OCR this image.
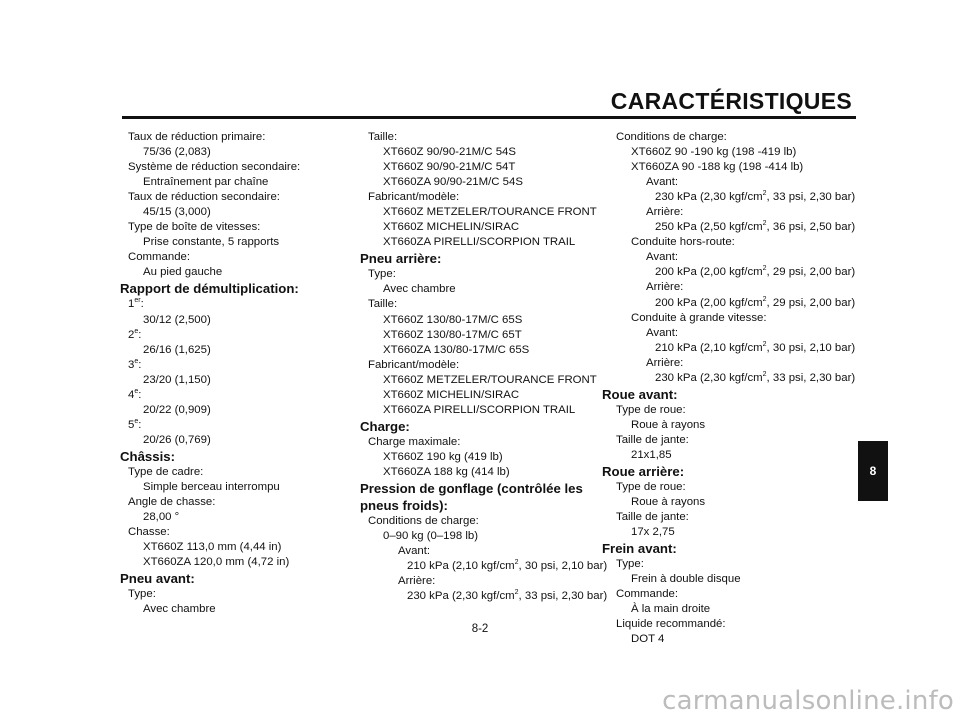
CARACTÉRISTIQUES
Taux de réduction primaire:
75/36 (2,083)
Système de réduction secondaire:
Entraînement par chaîne
Taux de réduction secondaire:
45/15 (3,000)
Type de boîte de vitesses:
Prise constante, 5 rapports
Commande:
Au pied gauche
Rapport de démultiplication:
1er:
30/12 (2,500)
2e:
26/16 (1,625)
3e:
23/20 (1,150)
4e:
20/22 (0,909)
5e:
20/26 (0,769)
Châssis:
Type de cadre:
Simple berceau interrompu
Angle de chasse:
28,00 °
Chasse:
XT660Z 113,0 mm (4,44 in)
XT660ZA 120,0 mm (4,72 in)
Pneu avant:
Type:
Avec chambre
Taille:
XT660Z 90/90-21M/C 54S
XT660Z 90/90-21M/C 54T
XT660ZA 90/90-21M/C 54S
Fabricant/modèle:
XT660Z METZELER/TOURANCE FRONT
XT660Z MICHELIN/SIRAC
XT660ZA PIRELLI/SCORPION TRAIL
Pneu arrière:
Type:
Avec chambre
Taille:
XT660Z 130/80-17M/C 65S
XT660Z 130/80-17M/C 65T
XT660ZA 130/80-17M/C 65S
Fabricant/modèle:
XT660Z METZELER/TOURANCE FRONT
XT660Z MICHELIN/SIRAC
XT660ZA PIRELLI/SCORPION TRAIL
Charge:
Charge maximale:
XT660Z 190 kg (419 lb)
XT660ZA 188 kg (414 lb)
Pression de gonflage (contrôlée les
pneus froids):
Conditions de charge:
0–90 kg (0–198 lb)
Avant:
210 kPa (2,10 kgf/$cm^2$, 30 psi, 2,10 bar)
Arrière:
230 kPa (2,30 kgf/$cm^2$, 33 psi, 2,30 bar)
Conditions de charge:
XT660Z 90 -190 kg (198 -419 lb)
XT660ZA 90 -188 kg (198 -414 lb)
Avant:
230 kPa (2,30 kgf/$cm^2$, 33 psi, 2,30 bar)
Arrière:
250 kPa (2,50 kgf/$cm^2$, 36 psi, 2,50 bar)
Conduite hors-route:
Avant:
200 kPa (2,00 kgf/$cm^2$, 29 psi, 2,00 bar)
Arrière:
200 kPa (2,00 kgf/$cm^2$, 29 psi, 2,00 bar)
Conduite à grande vitesse:
Avant:
210 kPa (2,10 kgf/$cm^2$, 30 psi, 2,10 bar)
Arrière:
230 kPa (2,30 kgf/$cm^2$, 33 psi, 2,30 bar)
Roue avant:
Type de roue:
Roue à rayons
Taille de jante:
21x1,85
Roue arrière:
Type de roue:
Roue à rayons
Taille de jante:
17x 2,75
Frein avant:
Type:
Frein à double disque
Commande:
À la main droite
Liquide recommandé:
DOT 4
8
8-2
carmanualsonline.info
